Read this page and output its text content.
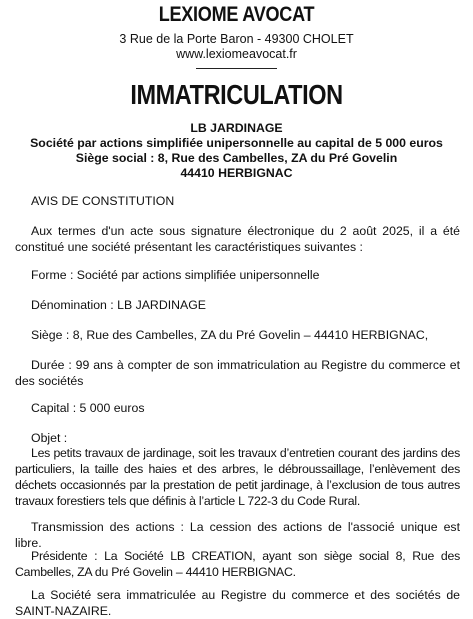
LEXIOME AVOCAT
3 Rue de la Porte Baron - 49300 CHOLET
www.lexiomeavocat.fr
IMMATRICULATION
LB JARDINAGE
Société par actions simplifiée unipersonnelle au capital de 5 000 euros
Siège social : 8, Rue des Cambelles, ZA du Pré Govelin
44410 HERBIGNAC

AVIS DE CONSTITUTION

Aux termes d'un acte sous signature électronique du 2 août 2025, il a été constitué une société présentant les caractéristiques suivantes :

Forme : Société par actions simplifiée unipersonnelle

Dénomination : LB JARDINAGE

Siège : 8, Rue des Cambelles, ZA du Pré Govelin – 44410 HERBIGNAC,

Durée : 99 ans à compter de son immatriculation au Registre du commerce et des sociétés

Capital : 5 000 euros

Objet :

Les petits travaux de jardinage, soit les travaux d’entretien courant des jardins des particuliers, la taille des haies et des arbres, le débroussaillage, l’enlèvement des déchets occasionnés par la prestation de petit jardinage, à l’exclusion de tous autres travaux forestiers tels que définis à l’article L 722-3 du Code Rural.

Transmission des actions : La cession des actions de l'associé unique est libre.

Présidente : La Société LB CREATION, ayant son siège social 8, Rue des Cambelles, ZA du Pré Govelin – 44410 HERBIGNAC.

La Société sera immatriculée au Registre du commerce et des sociétés de SAINT-NAZAIRE.
